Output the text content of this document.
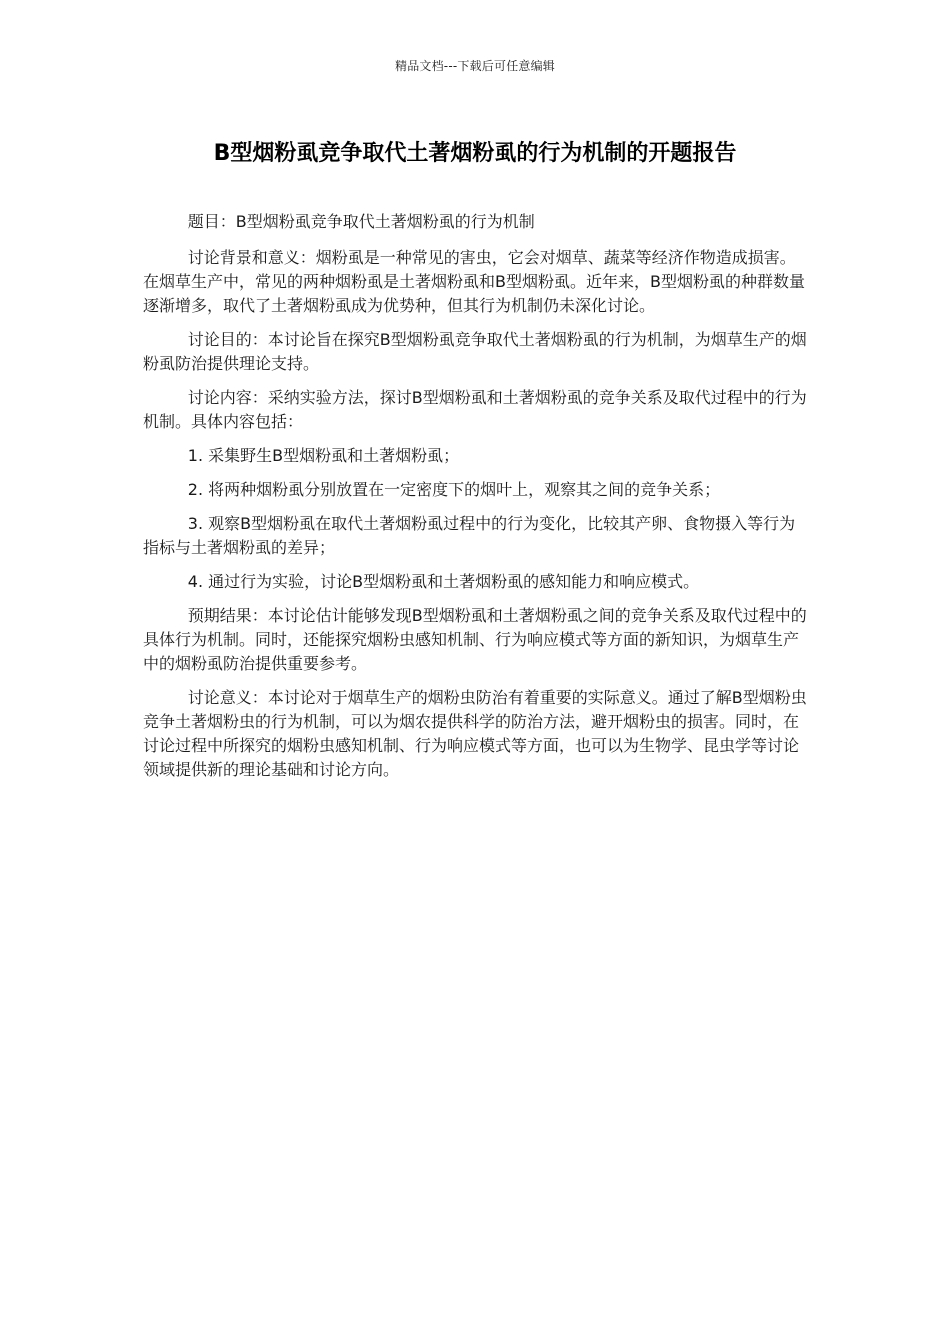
精品文档---下载后可任意编辑
B型烟粉虱竞争取代土著烟粉虱的行为机制的开题报告

题目：B型烟粉虱竞争取代土著烟粉虱的行为机制

讨论背景和意义：烟粉虱是一种常见的害虫，它会对烟草、蔬菜等经济作物造成损害。在烟草生产中，常见的两种烟粉虱是土著烟粉虱和B型烟粉虱。近年来，B型烟粉虱的种群数量逐渐增多，取代了土著烟粉虱成为优势种，但其行为机制仍未深化讨论。

讨论目的：本讨论旨在探究B型烟粉虱竞争取代土著烟粉虱的行为机制，为烟草生产的烟粉虱防治提供理论支持。

讨论内容：采纳实验方法，探讨B型烟粉虱和土著烟粉虱的竞争关系及取代过程中的行为机制。具体内容包括：

1. 采集野生B型烟粉虱和土著烟粉虱；

2. 将两种烟粉虱分别放置在一定密度下的烟叶上，观察其之间的竞争关系；

3. 观察B型烟粉虱在取代土著烟粉虱过程中的行为变化，比较其产卵、食物摄入等行为指标与土著烟粉虱的差异；

4. 通过行为实验，讨论B型烟粉虱和土著烟粉虱的感知能力和响应模式。

预期结果：本讨论估计能够发现B型烟粉虱和土著烟粉虱之间的竞争关系及取代过程中的具体行为机制。同时，还能探究烟粉虫感知机制、行为响应模式等方面的新知识，为烟草生产中的烟粉虱防治提供重要参考。

讨论意义：本讨论对于烟草生产的烟粉虫防治有着重要的实际意义。通过了解B型烟粉虫竞争土著烟粉虫的行为机制，可以为烟农提供科学的防治方法，避开烟粉虫的损害。同时，在讨论过程中所探究的烟粉虫感知机制、行为响应模式等方面，也可以为生物学、昆虫学等讨论领域提供新的理论基础和讨论方向。
